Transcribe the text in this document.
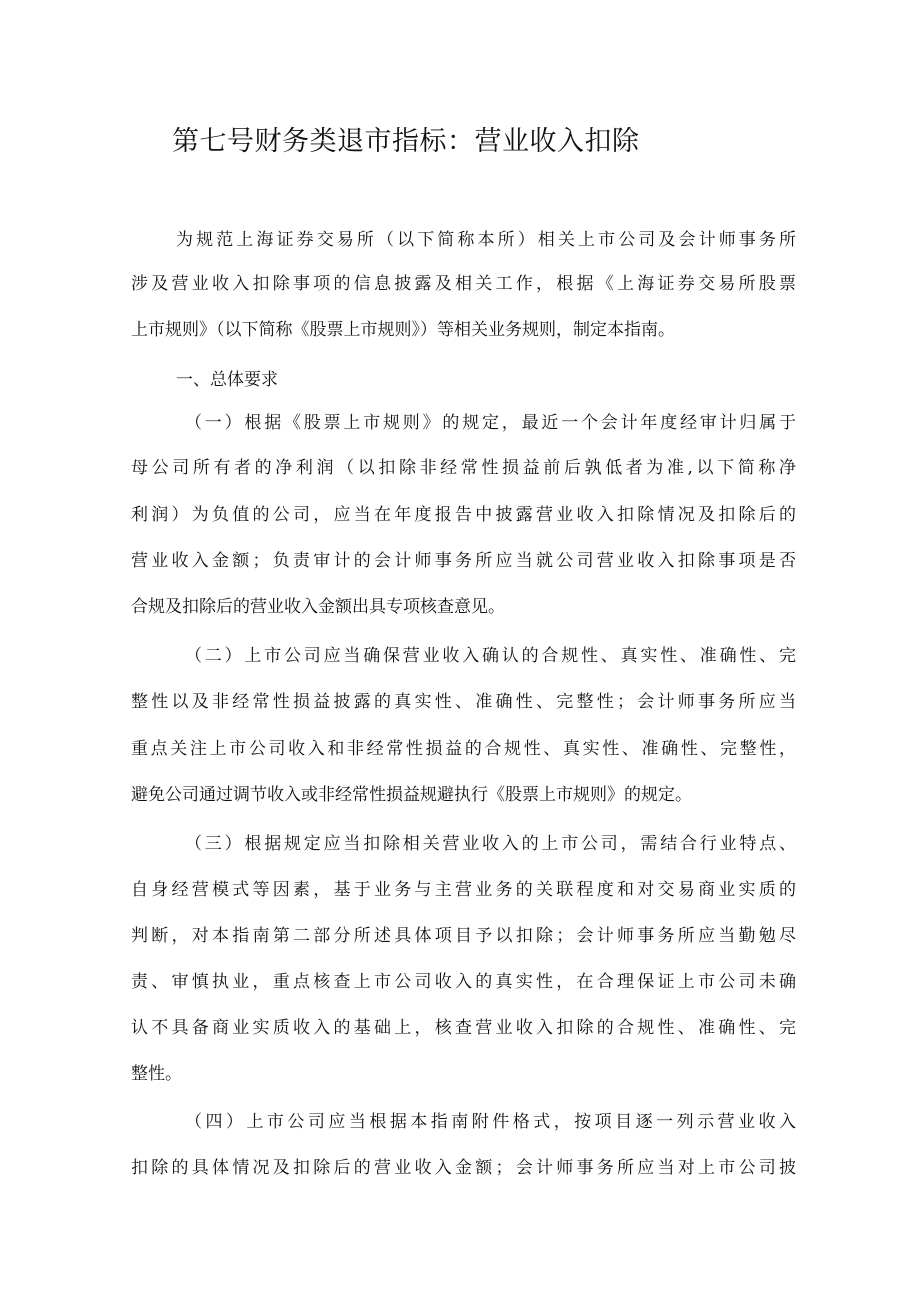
第七号财务类退市指标：营业收入扣除

为规范上海证券交易所（以下简称本所）相关上市公司及会计师事务所

涉及营业收入扣除事项的信息披露及相关工作，根据《上海证券交易所股票

上市规则》（以下简称《股票上市规则》）等相关业务规则，制定本指南。

一、总体要求

（一）根据《股票上市规则》的规定，最近一个会计年度经审计归属于

母公司所有者的净利润（以扣除非经常性损益前后孰低者为准,以下简称净

利润）为负值的公司，应当在年度报告中披露营业收入扣除情况及扣除后的

营业收入金额；负责审计的会计师事务所应当就公司营业收入扣除事项是否

合规及扣除后的营业收入金额出具专项核查意见。

（二）上市公司应当确保营业收入确认的合规性、真实性、准确性、完

整性以及非经常性损益披露的真实性、准确性、完整性；会计师事务所应当

重点关注上市公司收入和非经常性损益的合规性、真实性、准确性、完整性，

避免公司通过调节收入或非经常性损益规避执行《股票上市规则》的规定。

（三）根据规定应当扣除相关营业收入的上市公司，需结合行业特点、

自身经营模式等因素，基于业务与主营业务的关联程度和对交易商业实质的

判断，对本指南第二部分所述具体项目予以扣除；会计师事务所应当勤勉尽

责、审慎执业，重点核查上市公司收入的真实性，在合理保证上市公司未确

认不具备商业实质收入的基础上，核查营业收入扣除的合规性、准确性、完

整性。

（四）上市公司应当根据本指南附件格式，按项目逐一列示营业收入

扣除的具体情况及扣除后的营业收入金额；会计师事务所应当对上市公司披
